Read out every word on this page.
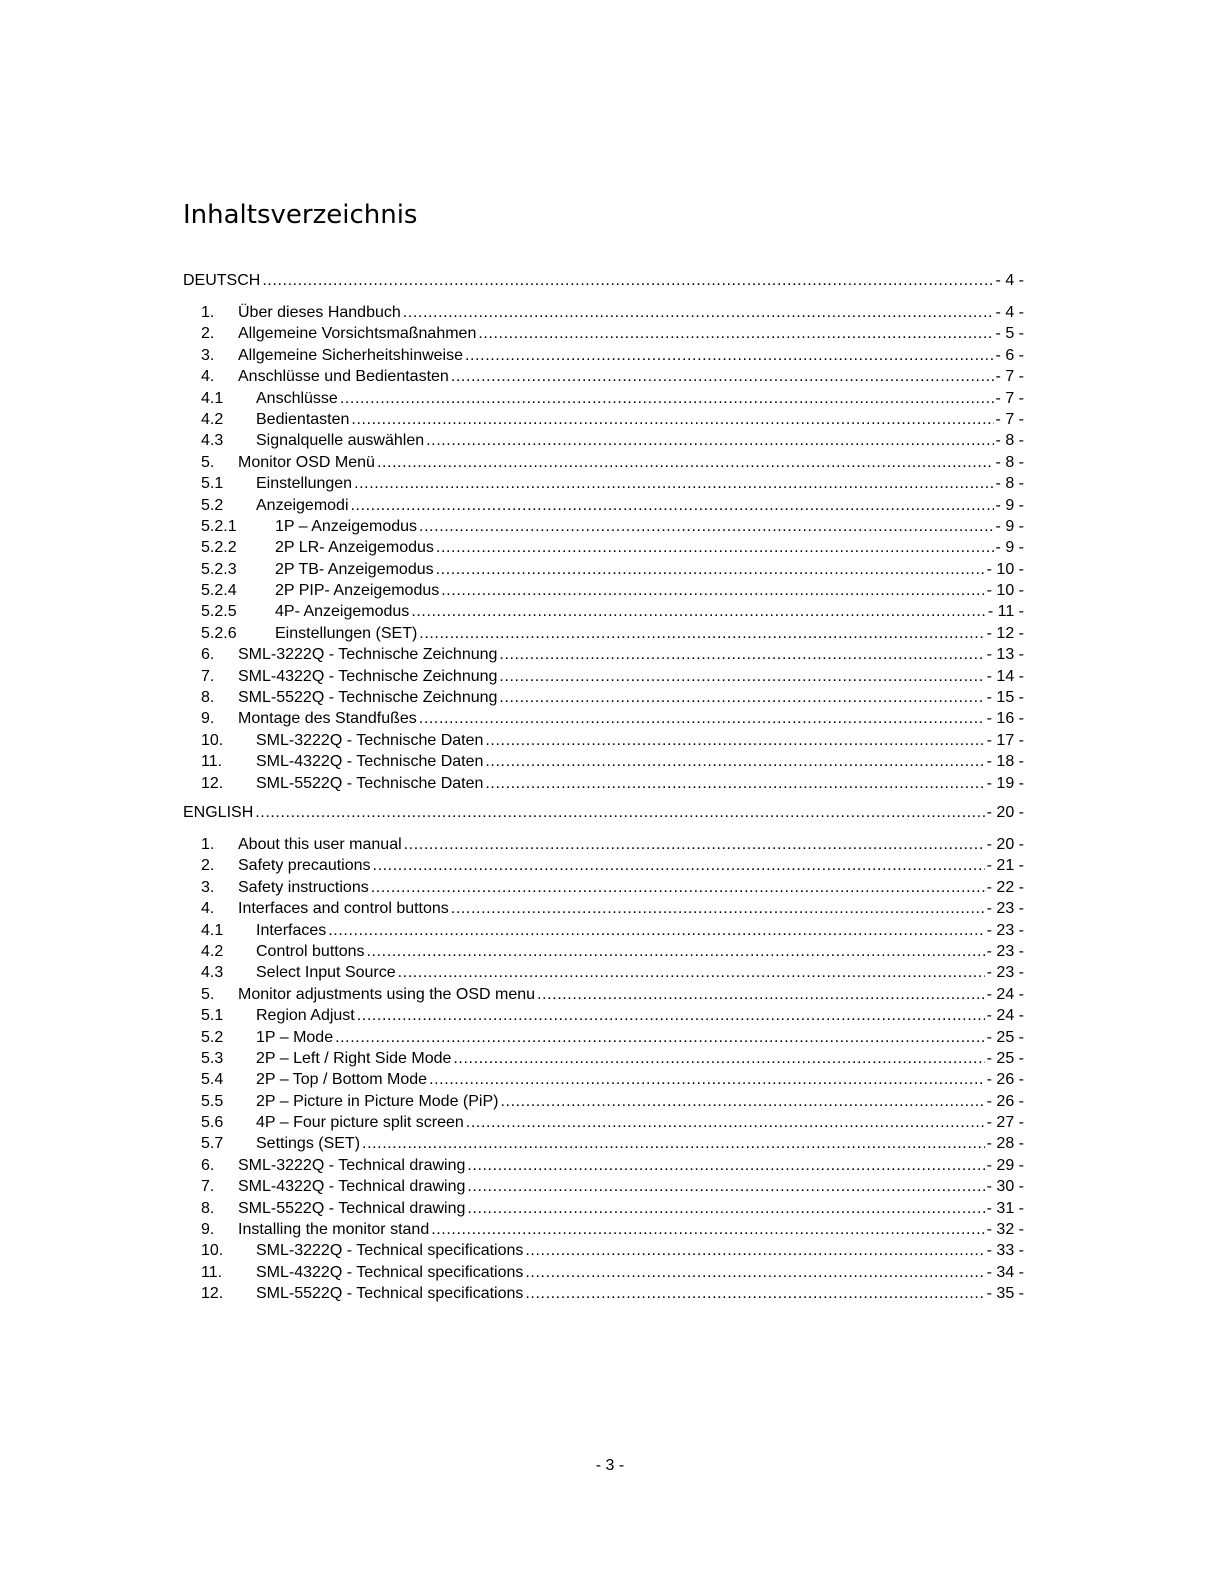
Inhaltsverzeichnis
DEUTSCH .....	- 4 -
1.	Über dieses Handbuch .....	- 4 -
2.	Allgemeine Vorsichtsmaßnahmen .....	- 5 -
3.	Allgemeine Sicherheitshinweise .....	- 6 -
4.	Anschlüsse und Bedientasten .....	- 7 -
4.1	Anschlüsse .....	- 7 -
4.2	Bedientasten .....	- 7 -
4.3	Signalquelle auswählen .....	- 8 -
5.	Monitor OSD Menü .....	- 8 -
5.1	Einstellungen .....	- 8 -
5.2	Anzeigemodi .....	- 9 -
5.2.1 1P – Anzeigemodus .....	- 9 -
5.2.2 2P LR- Anzeigemodus .....	- 9 -
5.2.3 2P TB- Anzeigemodus .....	- 10 -
5.2.4 2P PIP- Anzeigemodus .....	- 10 -
5.2.5 4P- Anzeigemodus .....	- 11 -
5.2.6 Einstellungen (SET) .....	- 12 -
6.	SML-3222Q - Technische Zeichnung .....	- 13 -
7.	SML-4322Q - Technische Zeichnung .....	- 14 -
8.	SML-5522Q - Technische Zeichnung .....	- 15 -
9.	Montage des Standfußes .....	- 16 -
10.	SML-3222Q - Technische Daten .....	- 17 -
11.	SML-4322Q - Technische Daten .....	- 18 -
12.	SML-5522Q - Technische Daten .....	- 19 -
ENGLISH .....	- 20 -
1.	About this user manual .....	- 20 -
2.	Safety precautions .....	- 21 -
3.	Safety instructions .....	- 22 -
4.	Interfaces and control buttons .....	- 23 -
4.1	Interfaces .....	- 23 -
4.2	Control buttons .....	- 23 -
4.3	Select Input Source .....	- 23 -
5.	Monitor adjustments using the OSD menu .....	- 24 -
5.1	Region Adjust .....	- 24 -
5.2	1P – Mode .....	- 25 -
5.3	2P – Left / Right Side Mode .....	- 25 -
5.4	2P – Top / Bottom Mode .....	- 26 -
5.5	2P – Picture in Picture Mode (PiP) .....	- 26 -
5.6	4P – Four picture split screen .....	- 27 -
5.7	Settings (SET) .....	- 28 -
6.	SML-3222Q - Technical drawing .....	- 29 -
7.	SML-4322Q - Technical drawing .....	- 30 -
8.	SML-5522Q - Technical drawing .....	- 31 -
9.	Installing the monitor stand .....	- 32 -
10.	SML-3222Q - Technical specifications .....	- 33 -
11.	SML-4322Q - Technical specifications .....	- 34 -
12.	SML-5522Q - Technical specifications .....	- 35 -
- 3 -
